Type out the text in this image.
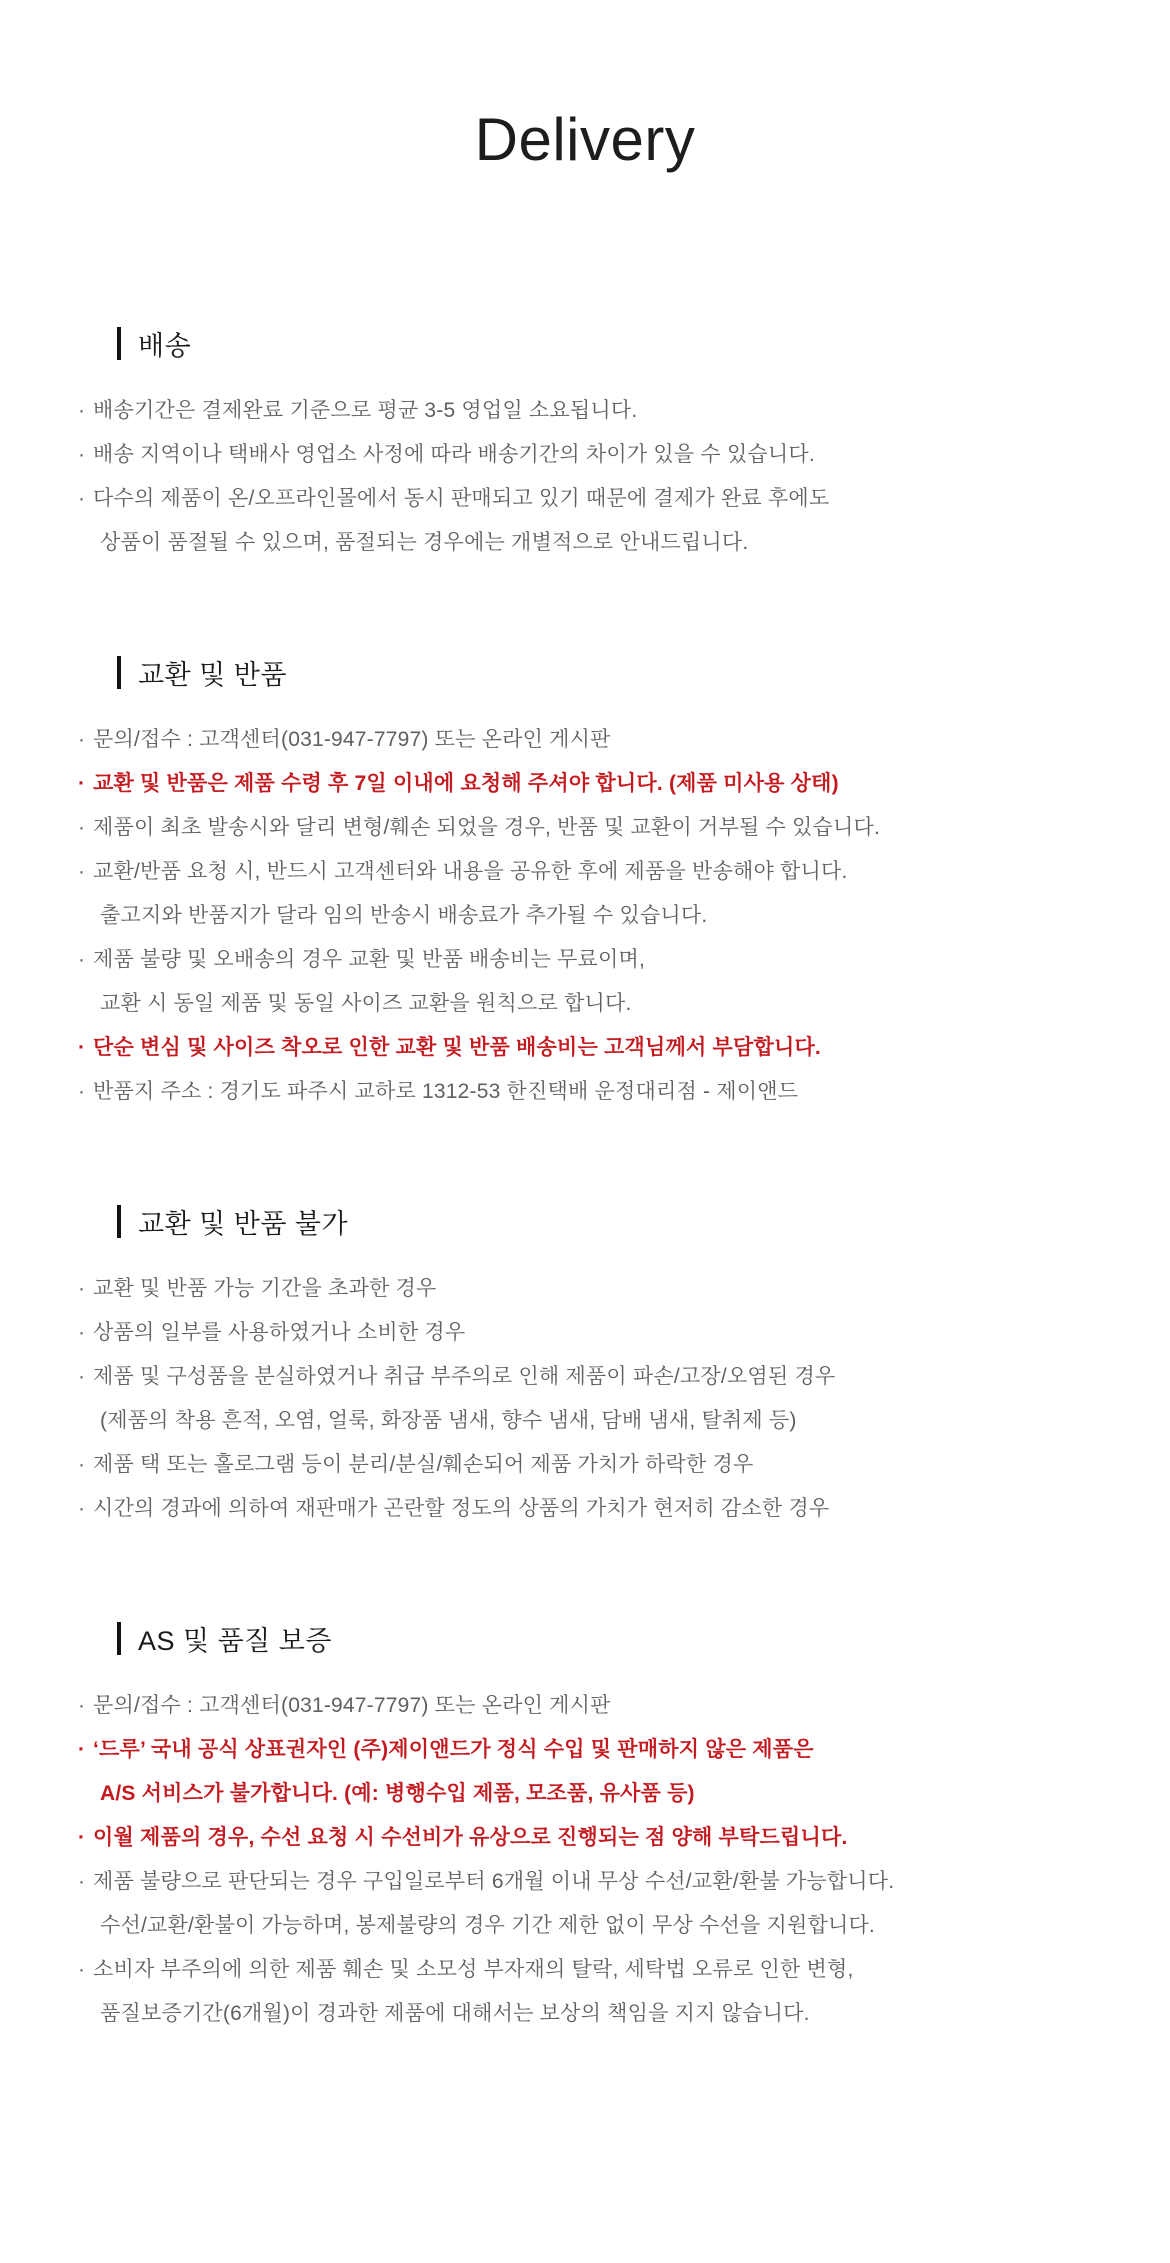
Delivery
배송
· 배송기간은 결제완료 기준으로 평균 3-5 영업일 소요됩니다.
· 배송 지역이나 택배사 영업소 사정에 따라 배송기간의 차이가 있을 수 있습니다.
· 다수의 제품이 온/오프라인몰에서 동시 판매되고 있기 때문에 결제가 완료 후에도
상품이 품절될 수 있으며, 품절되는 경우에는 개별적으로 안내드립니다.
교환 및 반품
· 문의/접수 : 고객센터(031-947-7797) 또는 온라인 게시판
· 교환 및 반품은 제품 수령 후 7일 이내에 요청해 주셔야 합니다. (제품 미사용 상태)
· 제품이 최초 발송시와 달리 변형/훼손 되었을 경우, 반품 및 교환이 거부될 수 있습니다.
· 교환/반품 요청 시, 반드시 고객센터와 내용을 공유한 후에 제품을 반송해야 합니다.
출고지와 반품지가 달라 임의 반송시 배송료가 추가될 수 있습니다.
· 제품 불량 및 오배송의 경우 교환 및 반품 배송비는 무료이며,
교환 시 동일 제품 및 동일 사이즈 교환을 원칙으로 합니다.
· 단순 변심 및 사이즈 착오로 인한 교환 및 반품 배송비는 고객님께서 부담합니다.
· 반품지 주소 : 경기도 파주시 교하로 1312-53 한진택배 운정대리점 - 제이앤드
교환 및 반품 불가
· 교환 및 반품 가능 기간을 초과한 경우
· 상품의 일부를 사용하였거나 소비한 경우
· 제품 및 구성품을 분실하였거나 취급 부주의로 인해 제품이 파손/고장/오염된 경우
(제품의 착용 흔적, 오염, 얼룩, 화장품 냄새, 향수 냄새, 담배 냄새, 탈취제 등)
· 제품 택 또는 홀로그램 등이 분리/분실/훼손되어 제품 가치가 하락한 경우
· 시간의 경과에 의하여 재판매가 곤란할 정도의 상품의 가치가 현저히 감소한 경우
AS 및 품질 보증
· 문의/접수 : 고객센터(031-947-7797) 또는 온라인 게시판
· ‘드루’ 국내 공식 상표권자인 (주)제이앤드가 정식 수입 및 판매하지 않은 제품은
A/S 서비스가 불가합니다. (예: 병행수입 제품, 모조품, 유사품 등)
· 이월 제품의 경우, 수선 요청 시 수선비가 유상으로 진행되는 점 양해 부탁드립니다.
· 제품 불량으로 판단되는 경우 구입일로부터 6개월 이내 무상 수선/교환/환불 가능합니다.
수선/교환/환불이 가능하며, 봉제불량의 경우 기간 제한 없이 무상 수선을 지원합니다.
· 소비자 부주의에 의한 제품 훼손 및 소모성 부자재의 탈락, 세탁법 오류로 인한 변형,
품질보증기간(6개월)이 경과한 제품에 대해서는 보상의 책임을 지지 않습니다.
